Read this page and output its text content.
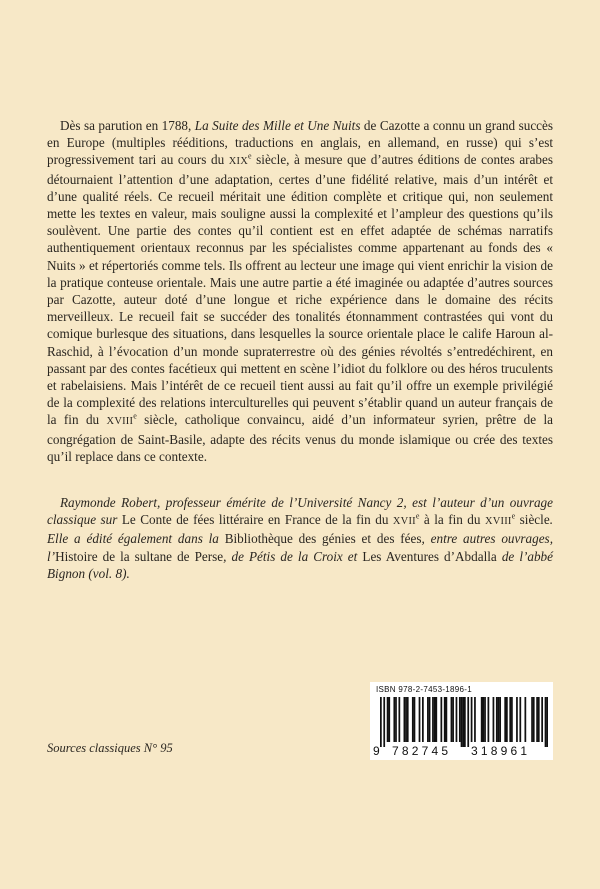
Dès sa parution en 1788, La Suite des Mille et Une Nuits de Cazotte a connu un grand succès en Europe (multiples rééditions, traductions en anglais, en allemand, en russe) qui s’est progressivement tari au cours du XIXe siècle, à mesure que d’autres éditions de contes arabes détournaient l’attention d’une adaptation, certes d’une fidélité relative, mais d’un intérêt et d’une qualité réels. Ce recueil méritait une édition complète et critique qui, non seulement mette les textes en valeur, mais souligne aussi la complexité et l’ampleur des questions qu’ils soulèvent. Une partie des contes qu’il contient est en effet adaptée de schémas narratifs authentiquement orientaux reconnus par les spécialistes comme appartenant au fonds des « Nuits » et répertoriés comme tels. Ils offrent au lecteur une image qui vient enrichir la vision de la pratique conteuse orientale. Mais une autre partie a été imaginée ou adaptée d’autres sources par Cazotte, auteur doté d’une longue et riche expérience dans le domaine des récits merveilleux. Le recueil fait se succéder des tonalités étonnamment contrastées qui vont du comique burlesque des situations, dans lesquelles la source orientale place le calife Haroun al-Raschid, à l’évocation d’un monde supraterrestre où des génies révoltés s’entredéchirent, en passant par des contes facétieux qui mettent en scène l’idiot du folklore ou des héros truculents et rabelaisiens. Mais l’intérêt de ce recueil tient aussi au fait qu’il offre un exemple privilégié de la complexité des relations interculturelles qui peuvent s’établir quand un auteur français de la fin du XVIIIe siècle, catholique convaincu, aidé d’un informateur syrien, prêtre de la congrégation de Saint-Basile, adapte des récits venus du monde islamique ou crée des textes qu’il replace dans ce contexte.

Raymonde Robert, professeur émérite de l’Université Nancy 2, est l’auteur d’un ouvrage classique sur Le Conte de fées littéraire en France de la fin du XVIIe à la fin du XVIIIe siècle. Elle a édité également dans la Bibliothèque des génies et des fées, entre autres ouvrages, l’Histoire de la sultane de Perse, de Pétis de la Croix et Les Aventures d’Abdalla de l’abbé Bignon (vol. 8).

Sources classiques N° 95
ISBN 978-2-7453-1896-1
9 782745 318961
